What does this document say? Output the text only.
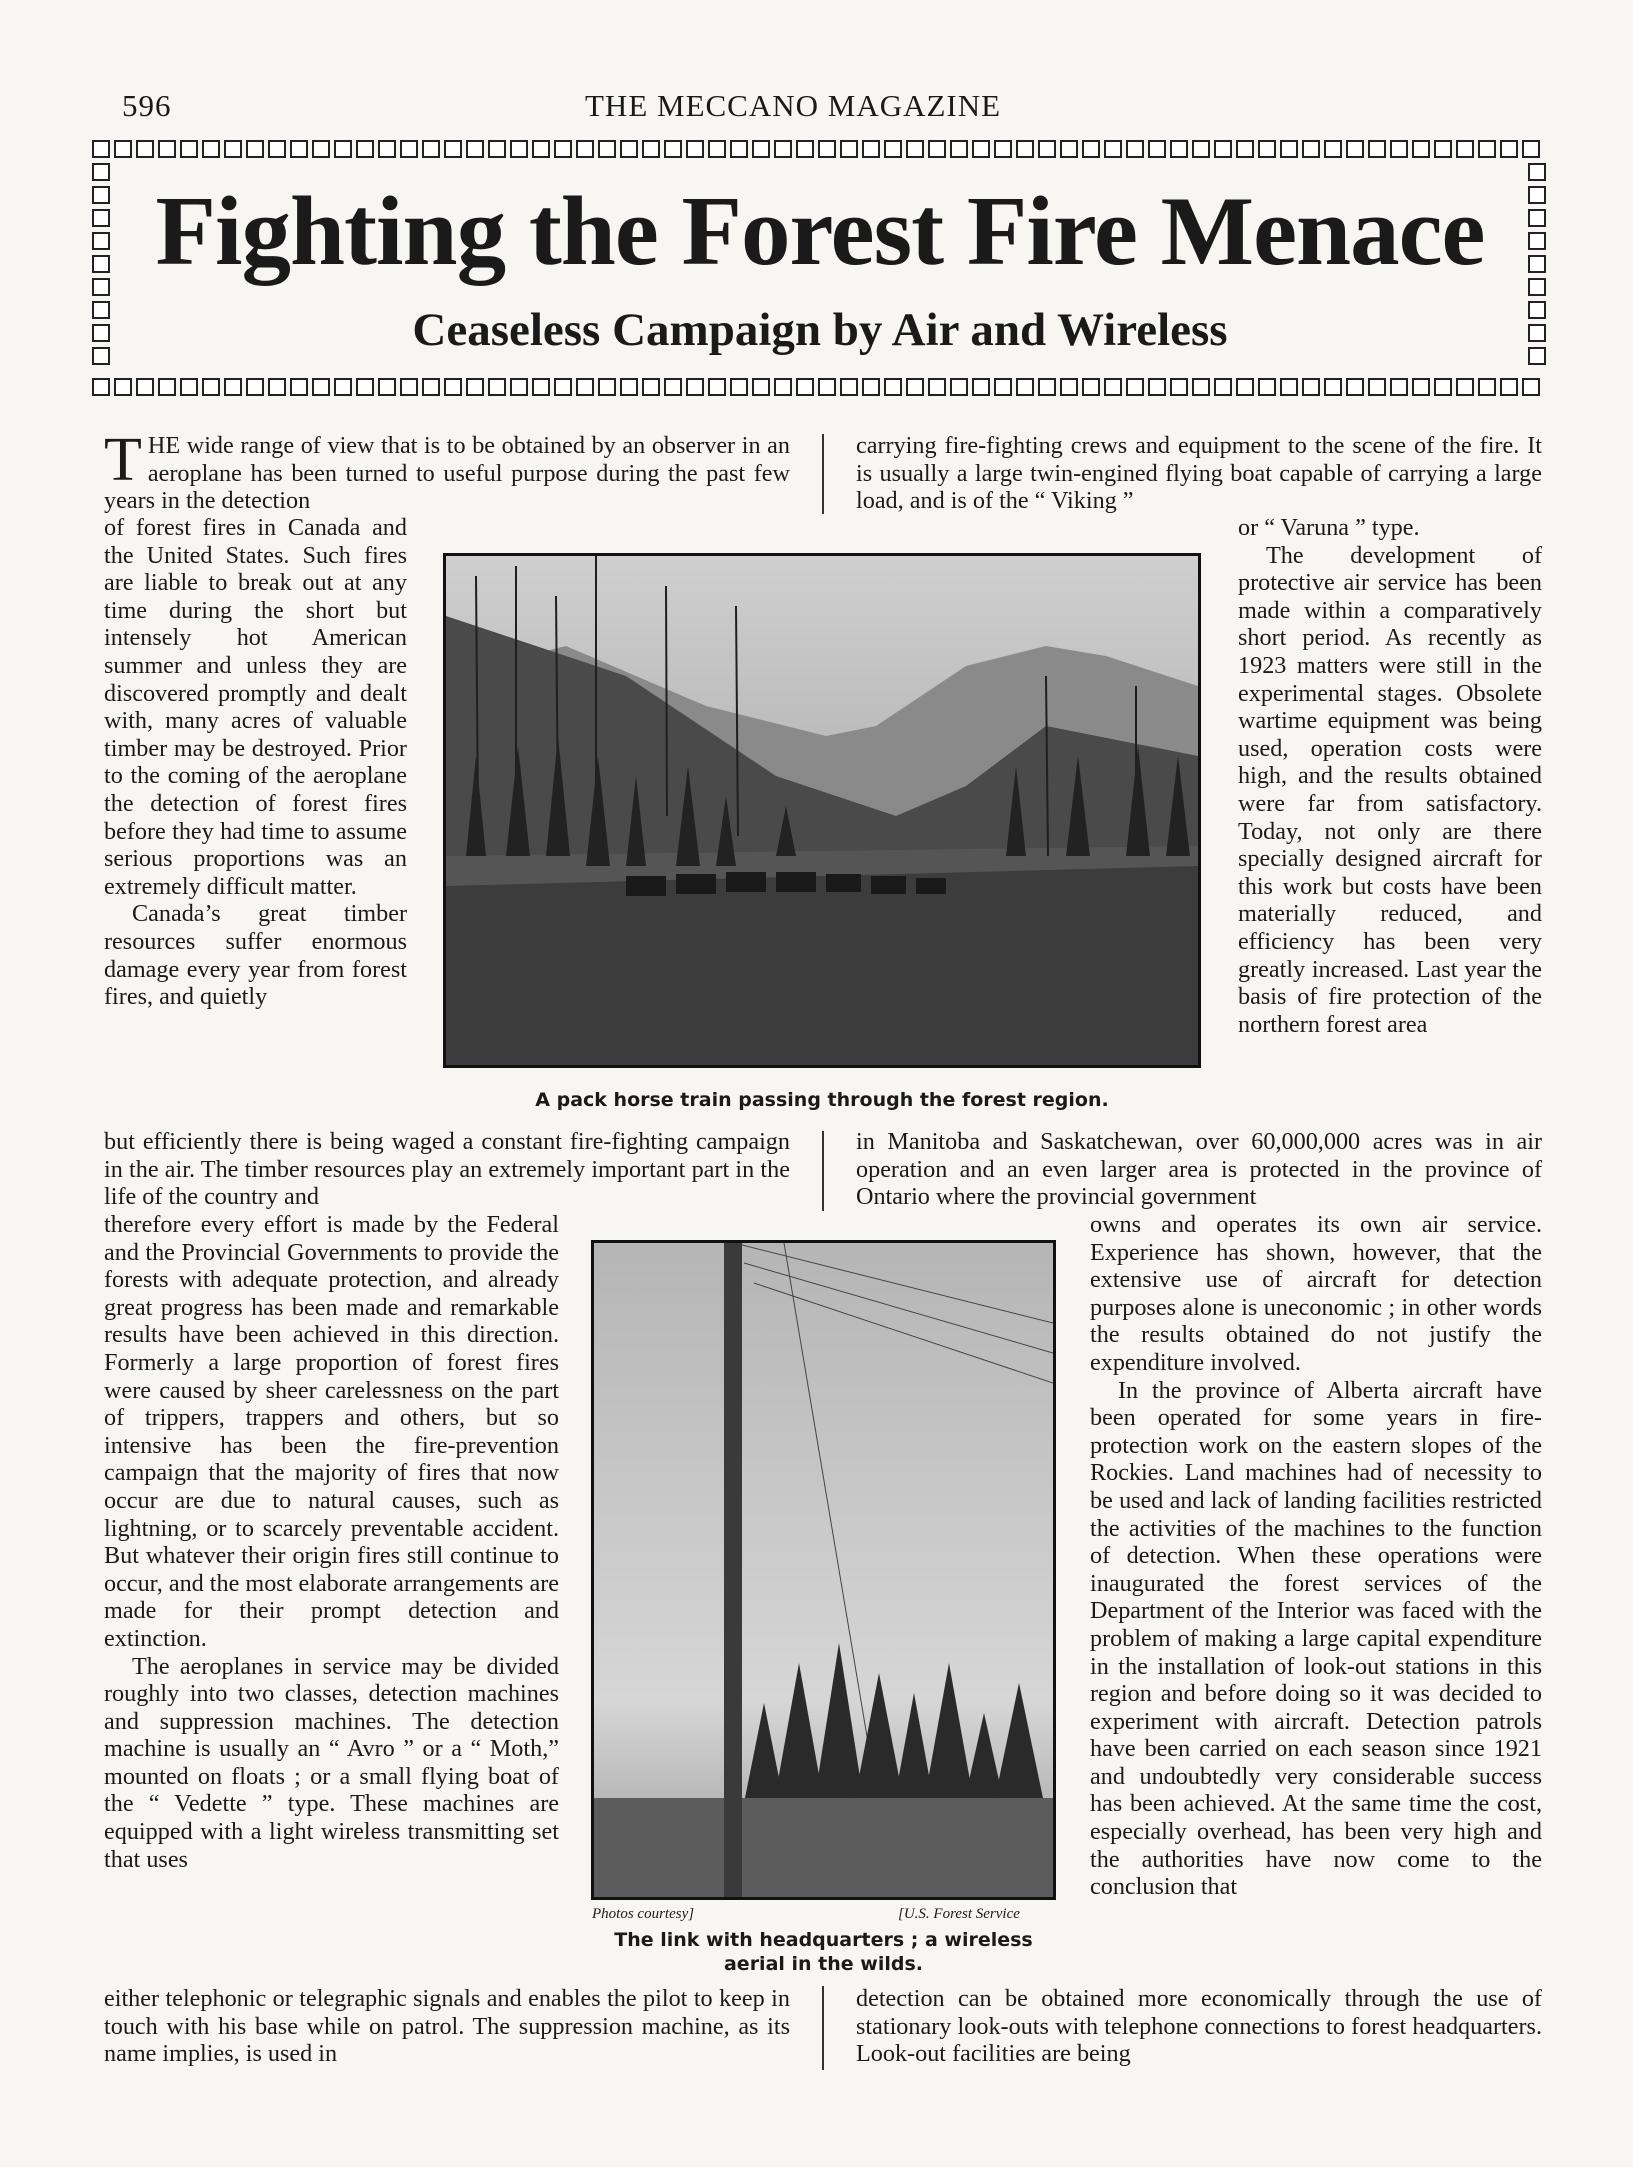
596	THE MECCANO MAGAZINE
Fighting the Forest Fire Menace
Ceaseless Campaign by Air and Wireless

THE wide range of view that is to be obtained by an observer in an aeroplane has been turned to useful purpose during the past few years in the detection

carrying fire-fighting crews and equipment to the scene of the fire. It is usually a large twin-engined flying boat capable of carrying a large load, and is of the “ Viking ”

of forest fires in Canada and the United States. Such fires are liable to break out at any time during the short but intensely hot American summer and unless they are discovered promptly and dealt with, many acres of valuable timber may be destroyed. Prior to the coming of the aeroplane the detection of forest fires before they had time to assume serious proportions was an extremely difficult matter.

Canada’s great timber resources suffer enormous damage every year from forest fires, and quietly

or “ Varuna ” type.

The development of protective air service has been made within a comparatively short period. As recently as 1923 matters were still in the experimental stages. Obsolete wartime equipment was being used, operation costs were high, and the results obtained were far from satisfactory. Today, not only are there specially designed aircraft for this work but costs have been materially reduced, and efficiency has been very greatly increased. Last year the basis of fire protection of the northern forest area

A pack horse train passing through the forest region.

but efficiently there is being waged a constant fire-fighting campaign in the air. The timber resources play an extremely important part in the life of the country and

in Manitoba and Saskatchewan, over 60,000,000 acres was in air operation and an even larger area is protected in the province of Ontario where the provincial government

therefore every effort is made by the Federal and the Provincial Governments to provide the forests with adequate protection, and already great progress has been made and remarkable results have been achieved in this direction. Formerly a large proportion of forest fires were caused by sheer carelessness on the part of trippers, trappers and others, but so intensive has been the fire-prevention campaign that the majority of fires that now occur are due to natural causes, such as lightning, or to scarcely preventable accident. But whatever their origin fires still continue to occur, and the most elaborate arrangements are made for their prompt detection and extinction.

The aeroplanes in service may be divided roughly into two classes, detection machines and suppression machines. The detection machine is usually an “ Avro ” or a “ Moth,” mounted on floats ; or a small flying boat of the “ Vedette ” type. These machines are equipped with a light wireless transmitting set that uses

owns and operates its own air service. Experience has shown, however, that the extensive use of aircraft for detection purposes alone is uneconomic ; in other words the results obtained do not justify the expenditure involved.

In the province of Alberta aircraft have been operated for some years in fire-protection work on the eastern slopes of the Rockies. Land machines had of necessity to be used and lack of landing facilities restricted the activities of the machines to the function of detection. When these operations were inaugurated the forest services of the Department of the Interior was faced with the problem of making a large capital expenditure in the installation of look-out stations in this region and before doing so it was decided to experiment with aircraft. Detection patrols have been carried on each season since 1921 and undoubtedly very considerable success has been achieved. At the same time the cost, especially overhead, has been very high and the authorities have now come to the conclusion that

Photos courtesy]	[U.S. Forest Service
The link with headquarters ; a wireless aerial in the wilds.

either telephonic or telegraphic signals and enables the pilot to keep in touch with his base while on patrol. The suppression machine, as its name implies, is used in

detection can be obtained more economically through the use of stationary look-outs with telephone connections to forest headquarters. Look-out facilities are being
